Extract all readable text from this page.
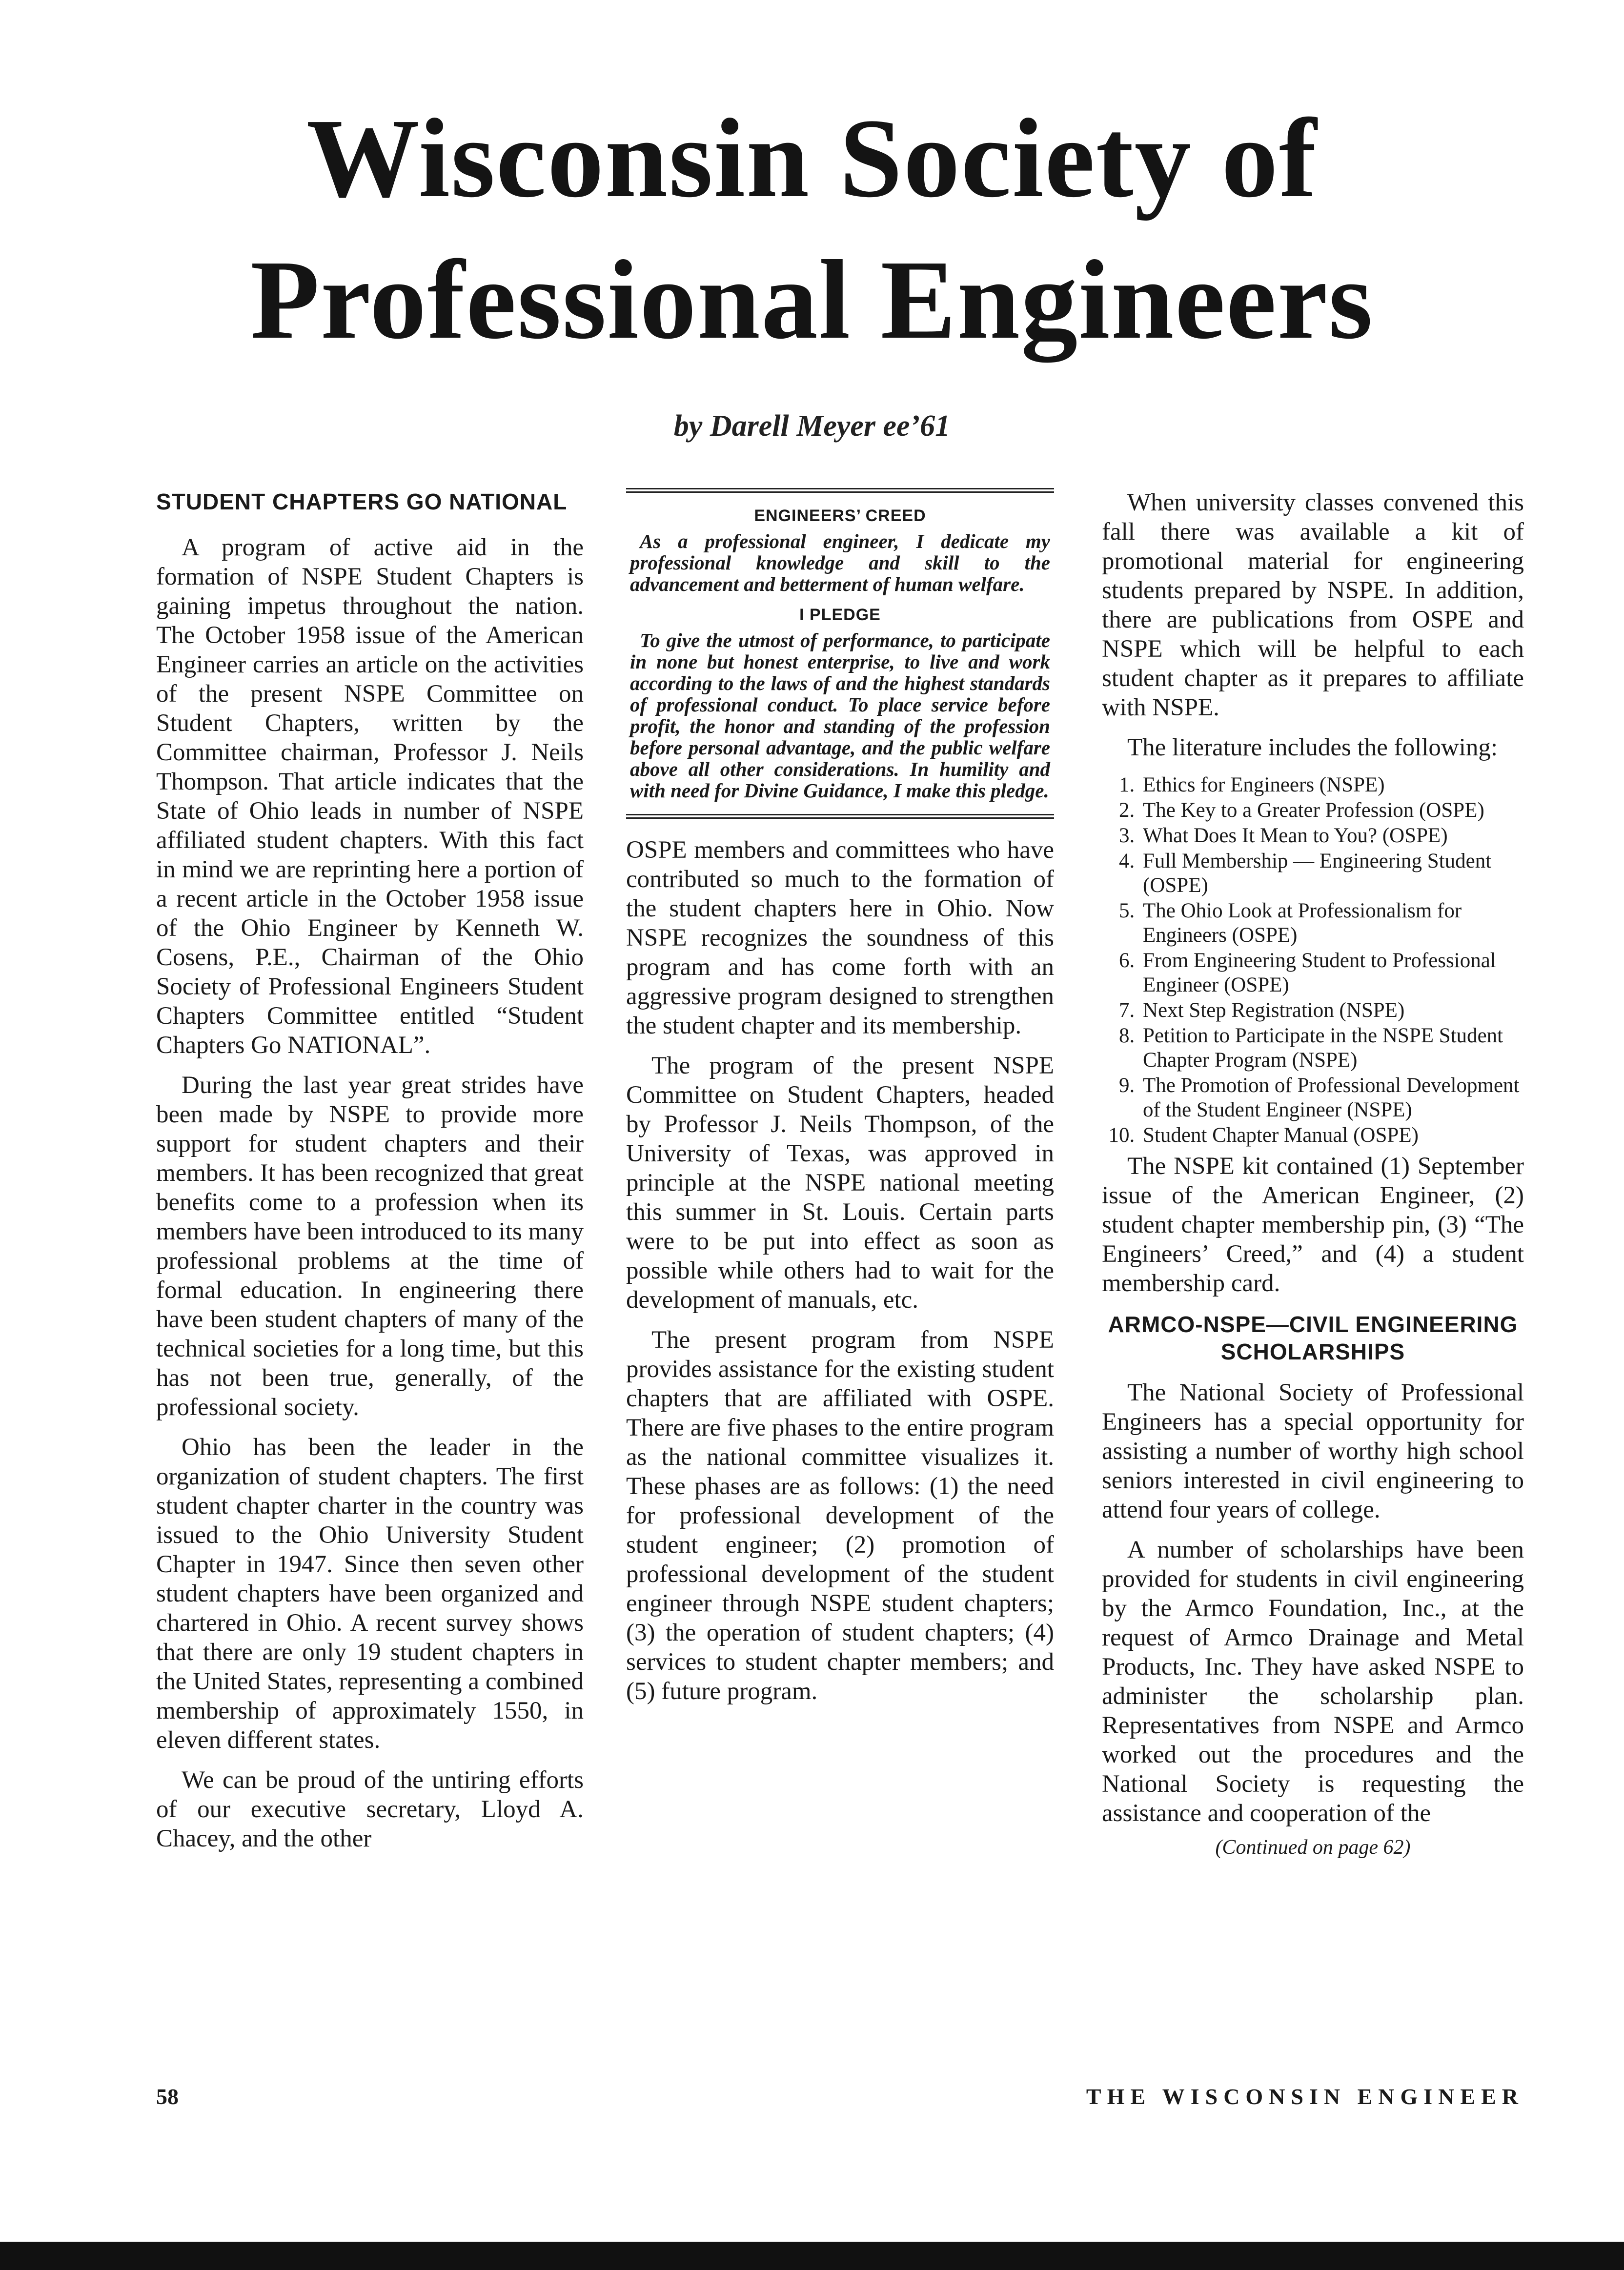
Wisconsin Society of
Professional Engineers
by Darell Meyer ee’61
STUDENT CHAPTERS GO NATIONAL

A program of active aid in the formation of NSPE Student Chapters is gaining impetus throughout the nation. The October 1958 issue of the American Engineer carries an article on the activities of the present NSPE Committee on Student Chapters, written by the Committee chairman, Professor J. Neils Thompson. That article indicates that the State of Ohio leads in number of NSPE affiliated student chapters. With this fact in mind we are reprinting here a portion of a recent article in the October 1958 issue of the Ohio Engineer by Kenneth W. Cosens, P.E., Chairman of the Ohio Society of Professional Engineers Student Chapters Committee entitled “Student Chapters Go NATIONAL”.

During the last year great strides have been made by NSPE to provide more support for student chapters and their members. It has been recognized that great benefits come to a profession when its members have been introduced to its many professional problems at the time of formal education. In engineering there have been student chapters of many of the technical societies for a long time, but this has not been true, generally, of the professional society.

Ohio has been the leader in the organization of student chapters. The first student chapter charter in the country was issued to the Ohio University Student Chapter in 1947. Since then seven other student chapters have been organized and chartered in Ohio. A recent survey shows that there are only 19 student chapters in the United States, representing a combined membership of approximately 1550, in eleven different states.

We can be proud of the untiring efforts of our executive secretary, Lloyd A. Chacey, and the other

ENGINEERS’ CREED

As a professional engineer, I dedicate my professional knowledge and skill to the advancement and betterment of human welfare.

I PLEDGE

To give the utmost of performance, to participate in none but honest enterprise, to live and work according to the laws of and the highest standards of professional conduct. To place service before profit, the honor and standing of the profession before personal advantage, and the public welfare above all other considerations. In humility and with need for Divine Guidance, I make this pledge.

OSPE members and committees who have contributed so much to the formation of the student chapters here in Ohio. Now NSPE recognizes the soundness of this program and has come forth with an aggressive program designed to strengthen the student chapter and its membership.

The program of the present NSPE Committee on Student Chapters, headed by Professor J. Neils Thompson, of the University of Texas, was approved in principle at the NSPE national meeting this summer in St. Louis. Certain parts were to be put into effect as soon as possible while others had to wait for the development of manuals, etc.

The present program from NSPE provides assistance for the existing student chapters that are affiliated with OSPE. There are five phases to the entire program as the national committee visualizes it. These phases are as follows: (1) the need for professional development of the student engineer; (2) promotion of professional development of the student engineer through NSPE student chapters; (3) the operation of student chapters; (4) services to student chapter members; and (5) future program.

When university classes convened this fall there was available a kit of promotional material for engineering students prepared by NSPE. In addition, there are publications from OSPE and NSPE which will be helpful to each student chapter as it prepares to affiliate with NSPE.

The literature includes the following:

1. Ethics for Engineers (NSPE)
2. The Key to a Greater Profession (OSPE)
3. What Does It Mean to You? (OSPE)
4. Full Membership — Engineering Student (OSPE)
5. The Ohio Look at Professionalism for Engineers (OSPE)
6. From Engineering Student to Professional Engineer (OSPE)
7. Next Step Registration (NSPE)
8. Petition to Participate in the NSPE Student Chapter Program (NSPE)
9. The Promotion of Professional Development of the Student Engineer (NSPE)
10. Student Chapter Manual (OSPE)

The NSPE kit contained (1) September issue of the American Engineer, (2) student chapter membership pin, (3) “The Engineers’ Creed,” and (4) a student membership card.

ARMCO-NSPE—CIVIL ENGINEERING SCHOLARSHIPS

The National Society of Professional Engineers has a special opportunity for assisting a number of worthy high school seniors interested in civil engineering to attend four years of college.

A number of scholarships have been provided for students in civil engineering by the Armco Foundation, Inc., at the request of Armco Drainage and Metal Products, Inc. They have asked NSPE to administer the scholarship plan. Representatives from NSPE and Armco worked out the procedures and the National Society is requesting the assistance and cooperation of the

(Continued on page 62)
58	THE WISCONSIN ENGINEER
